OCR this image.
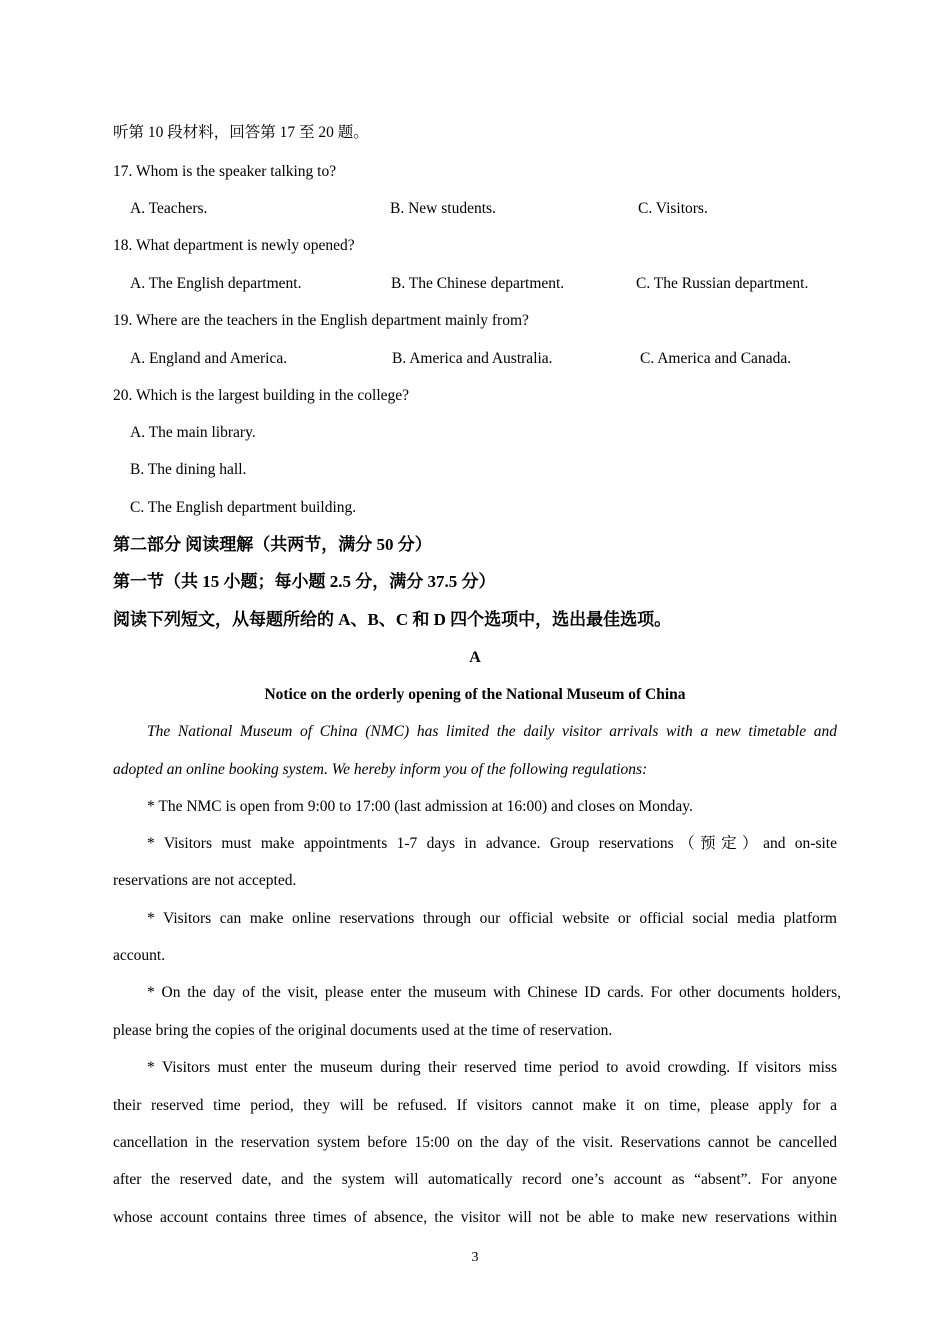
听第 10 段材料，回答第 17 至 20 题。
17. Whom is the speaker talking to?
A. Teachers.	B. New students.	C. Visitors.
18. What department is newly opened?
A. The English department.	B. The Chinese department.	C. The Russian department.
19. Where are the teachers in the English department mainly from?
A. England and America.	B. America and Australia.	C. America and Canada.
20. Which is the largest building in the college?
A. The main library.
B. The dining hall.
C. The English department building.
第二部分 阅读理解（共两节，满分 50 分）
第一节（共 15 小题；每小题 2.5 分，满分 37.5 分）
阅读下列短文，从每题所给的 A、B、C 和 D 四个选项中，选出最佳选项。
A
Notice on the orderly opening of the National Museum of China
The National Museum of China (NMC) has limited the daily visitor arrivals with a new timetable and
adopted an online booking system. We hereby inform you of the following regulations:
* The NMC is open from 9:00 to 17:00 (last admission at 16:00) and closes on Monday.
* Visitors must make appointments 1-7 days in advance. Group reservations（预定）and on-site
reservations are not accepted.
* Visitors can make online reservations through our official website or official social media platform
account.
* On the day of the visit, please enter the museum with Chinese ID cards. For other documents holders,
please bring the copies of the original documents used at the time of reservation.
* Visitors must enter the museum during their reserved time period to avoid crowding. If visitors miss
their reserved time period, they will be refused. If visitors cannot make it on time, please apply for a
cancellation in the reservation system before 15:00 on the day of the visit. Reservations cannot be cancelled
after the reserved date, and the system will automatically record one’s account as “absent”. For anyone
whose account contains three times of absence, the visitor will not be able to make new reservations within
3
